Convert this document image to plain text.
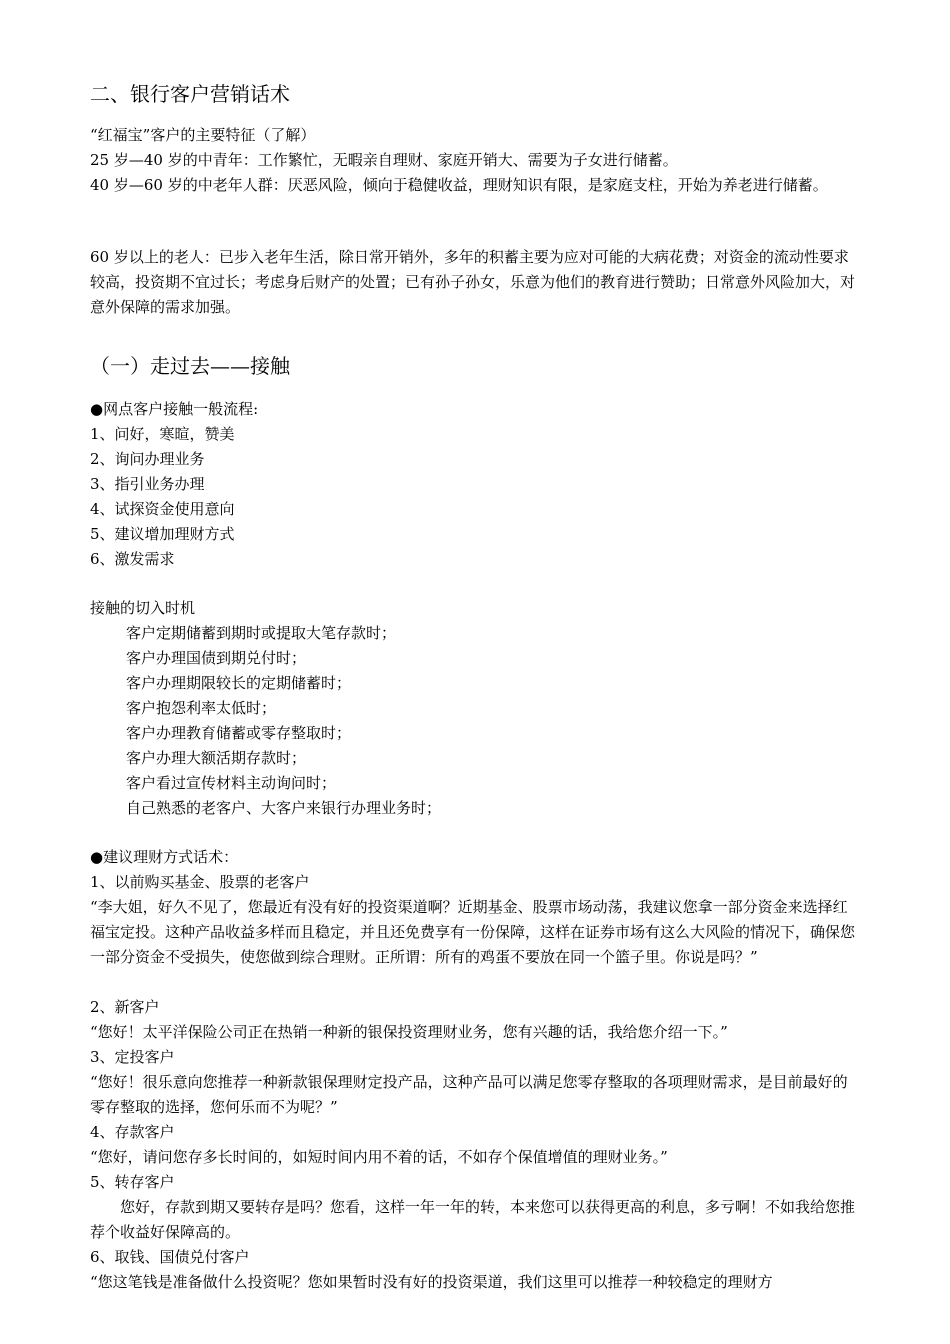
二、银行客户营销话术

“红福宝”客户的主要特征（了解）

25 岁—40 岁的中青年：工作繁忙，无暇亲自理财、家庭开销大、需要为子女进行储蓄。

40 岁—60 岁的中老年人群：厌恶风险，倾向于稳健收益，理财知识有限，是家庭支柱，开始为养老进行储蓄。

60 岁以上的老人：已步入老年生活，除日常开销外，多年的积蓄主要为应对可能的大病花费；对资金的流动性要求较高，投资期不宜过长；考虑身后财产的处置；已有孙子孙女，乐意为他们的教育进行赞助；日常意外风险加大，对意外保障的需求加强。

（一）走过去——接触

●网点客户接触一般流程:

1、问好，寒暄，赞美
2、询问办理业务
3、指引业务办理
4、试探资金使用意向
5、建议增加理财方式
6、激发需求

接触的切入时机

客户定期储蓄到期时或提取大笔存款时；
客户办理国债到期兑付时；
客户办理期限较长的定期储蓄时；
客户抱怨利率太低时；
客户办理教育储蓄或零存整取时；
客户办理大额活期存款时；
客户看过宣传材料主动询问时；
自己熟悉的老客户、大客户来银行办理业务时；

●建议理财方式话术：

1、以前购买基金、股票的老客户

“李大姐，好久不见了，您最近有没有好的投资渠道啊？近期基金、股票市场动荡，我建议您拿一部分资金来选择红福宝定投。这种产品收益多样而且稳定，并且还免费享有一份保障，这样在证券市场有这么大风险的情况下，确保您一部分资金不受损失，使您做到综合理财。正所谓：所有的鸡蛋不要放在同一个篮子里。你说是吗？”

2、新客户

“您好！太平洋保险公司正在热销一种新的银保投资理财业务，您有兴趣的话，我给您介绍一下。”

3、定投客户

“您好！很乐意向您推荐一种新款银保理财定投产品，这种产品可以满足您零存整取的各项理财需求，是目前最好的零存整取的选择，您何乐而不为呢？”

4、存款客户

“您好，请问您存多长时间的，如短时间内用不着的话，不如存个保值增值的理财业务。”

5、转存客户

您好，存款到期又要转存是吗？您看，这样一年一年的转，本来您可以获得更高的利息，多亏啊！不如我给您推荐个收益好保障高的。

6、取钱、国债兑付客户

“您这笔钱是准备做什么投资呢？您如果暂时没有好的投资渠道，我们这里可以推荐一种较稳定的理财方
